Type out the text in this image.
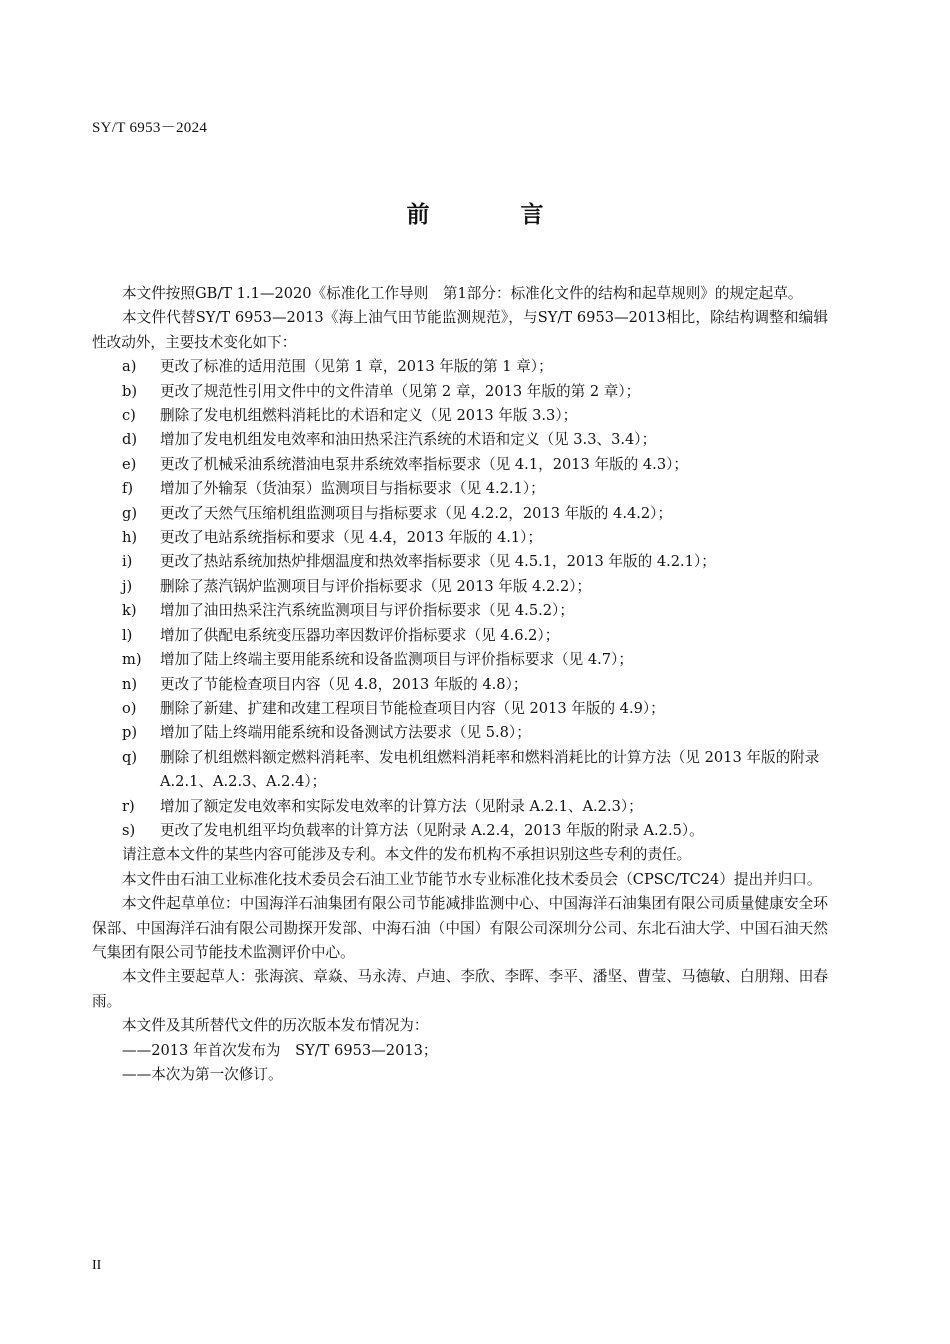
SY/T 6953－2024
前　言

本文件按照GB/T 1.1—2020《标准化工作导则　第1部分：标准化文件的结构和起草规则》的规定起草。

本文件代替SY/T 6953—2013《海上油气田节能监测规范》，与SY/T 6953—2013相比，除结构调整和编辑性改动外，主要技术变化如下：

a)	更改了标准的适用范围（见第 1 章，2013 年版的第 1 章）；
b)	更改了规范性引用文件中的文件清单（见第 2 章，2013 年版的第 2 章）；
c)	删除了发电机组燃料消耗比的术语和定义（见 2013 年版 3.3）；
d)	增加了发电机组发电效率和油田热采注汽系统的术语和定义（见 3.3、3.4）；
e)	更改了机械采油系统潜油电泵井系统效率指标要求（见 4.1，2013 年版的 4.3）；
f)	增加了外输泵（货油泵）监测项目与指标要求（见 4.2.1）；
g)	更改了天然气压缩机组监测项目与指标要求（见 4.2.2，2013 年版的 4.4.2）；
h)	更改了电站系统指标和要求（见 4.4，2013 年版的 4.1）；
i)	更改了热站系统加热炉排烟温度和热效率指标要求（见 4.5.1，2013 年版的 4.2.1）；
j)	删除了蒸汽锅炉监测项目与评价指标要求（见 2013 年版 4.2.2）；
k)	增加了油田热采注汽系统监测项目与评价指标要求（见 4.5.2）；
l)	增加了供配电系统变压器功率因数评价指标要求（见 4.6.2）；
m)	增加了陆上终端主要用能系统和设备监测项目与评价指标要求（见 4.7）；
n)	更改了节能检查项目内容（见 4.8，2013 年版的 4.8）；
o)	删除了新建、扩建和改建工程项目节能检查项目内容（见 2013 年版的 4.9）；
p)	增加了陆上终端用能系统和设备测试方法要求（见 5.8）；
q)	删除了机组燃料额定燃料消耗率、发电机组燃料消耗率和燃料消耗比的计算方法（见 2013 年版的附录 A.2.1、A.2.3、A.2.4）；
r)	增加了额定发电效率和实际发电效率的计算方法（见附录 A.2.1、A.2.3）；
s)	更改了发电机组平均负载率的计算方法（见附录 A.2.4，2013 年版的附录 A.2.5）。

请注意本文件的某些内容可能涉及专利。本文件的发布机构不承担识别这些专利的责任。

本文件由石油工业标准化技术委员会石油工业节能节水专业标准化技术委员会（CPSC/TC24）提出并归口。

本文件起草单位：中国海洋石油集团有限公司节能减排监测中心、中国海洋石油集团有限公司质量健康安全环保部、中国海洋石油有限公司勘探开发部、中海石油（中国）有限公司深圳分公司、东北石油大学、中国石油天然气集团有限公司节能技术监测评价中心。

本文件主要起草人：张海滨、章焱、马永涛、卢迪、李欣、李晖、李平、潘坚、曹莹、马德敏、白朋翔、田春雨。

本文件及其所替代文件的历次版本发布情况为：

——2013 年首次发布为　SY/T 6953—2013；

——本次为第一次修订。

II
